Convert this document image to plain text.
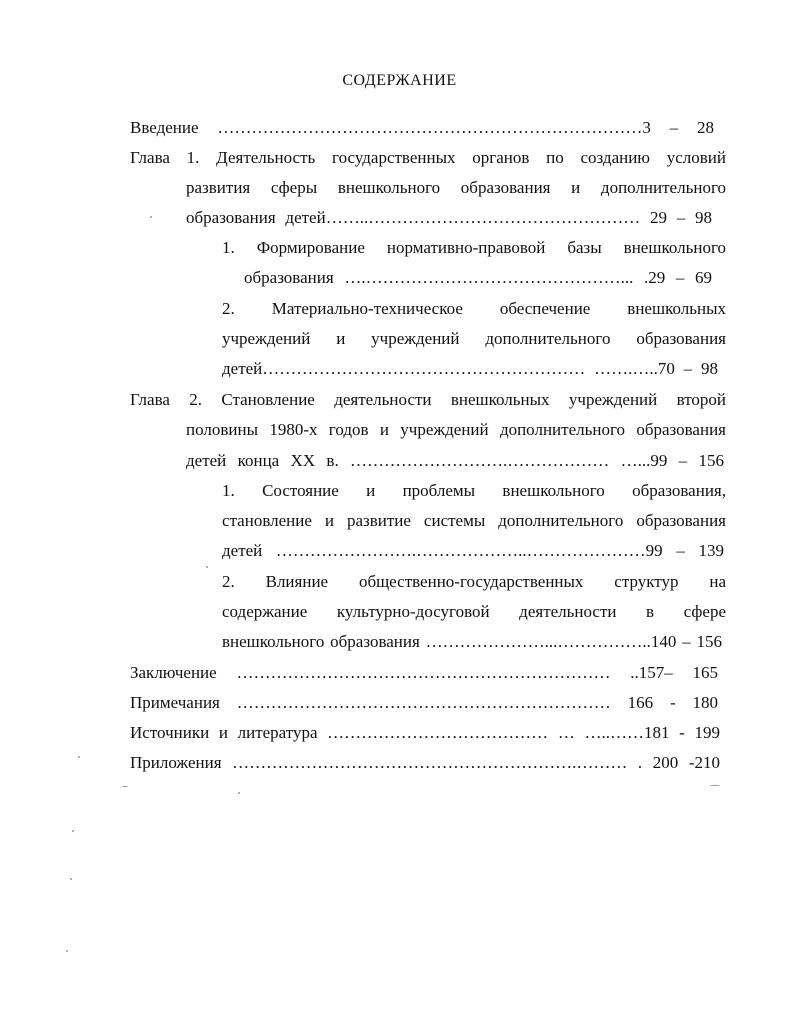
СОДЕРЖАНИЕ
Введение …………………………………………………………………3 – 28
Глава 1. Деятельность государственных органов по созданию условий
развития сферы внешкольного образования и дополнительного
образования детей……..………………………………………… 29 – 98
1. Формирование нормативно-правовой базы внешкольного
образования ….………………………………………... .29 – 69
2. Материально-техническое обеспечение внешкольных
учреждений и учреждений дополнительного образования
детей………………………………………………… …….…..70 – 98
Глава 2. Становление деятельности внешкольных учреждений второй
половины 1980-х годов и учреждений дополнительного образования
детей конца XX в. ……………………….……………… …...99 – 156
1. Состояние и проблемы внешкольного образования,
становление и развитие системы дополнительного образования
детей …………………….………………..…………………99 – 139
2. Влияние общественно-государственных структур на
содержание культурно-досуговой деятельности в сфере
внешкольного образования …………………...……………..140 – 156
Заключение ………………………………………………………… ..157– 165
Примечания ………………………………………………………… 166 - 180
Источники и литература ………………………………… … …..……181 - 199
Приложения …………………………………………………….……… . 200 -210
